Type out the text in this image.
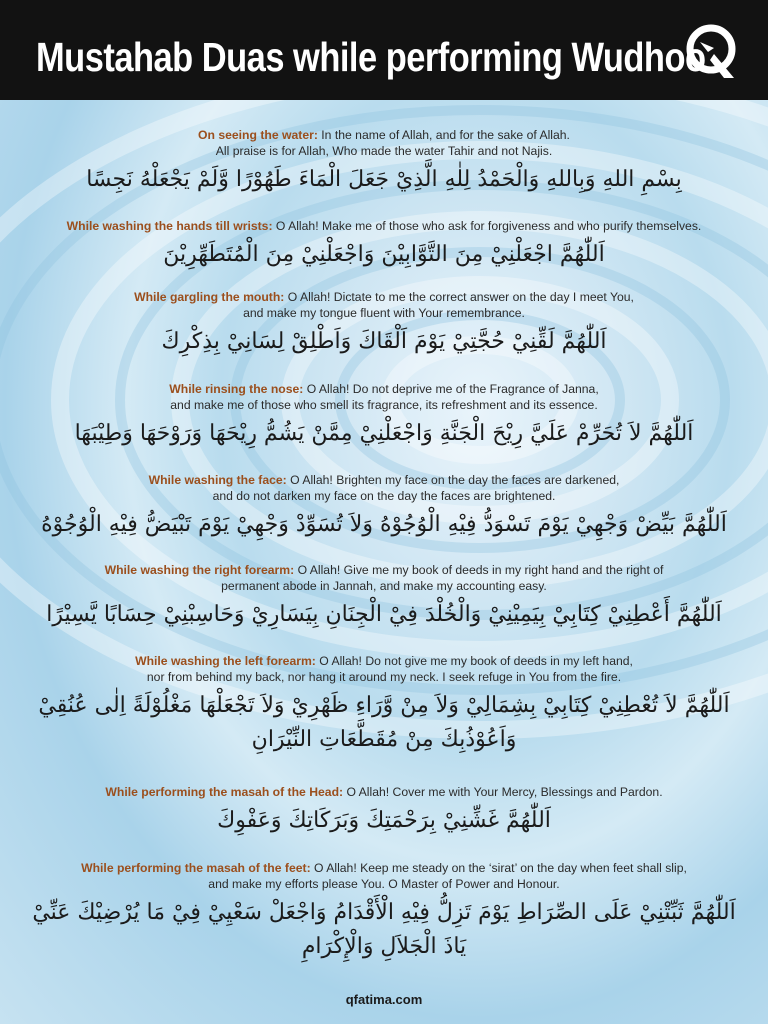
Mustahab Duas while performing Wudhoo

On seeing the water: In the name of Allah, and for the sake of Allah.
All praise is for Allah, Who made the water Tahir and not Najis.

بِسْمِ اللهِ وَبِاللهِ وَالْحَمْدُ لِلٰهِ الَّذِيْ جَعَلَ الْمَاءَ طَهُوْرًا وَّلَمْ يَجْعَلْهُ نَجِسًا

While washing the hands till wrists: O Allah! Make me of those who ask for forgiveness and who purify themselves.

اَللّٰهُمَّ اجْعَلْنِيْ مِنَ التَّوَّابِيْنَ وَاجْعَلْنِيْ مِنَ الْمُتَطَهِّرِيْنَ

While gargling the mouth: O Allah! Dictate to me the correct answer on the day I meet You,
and make my tongue fluent with Your remembrance.

اَللّٰهُمَّ لَقِّنِيْ حُجَّتِيْ يَوْمَ اَلْقَاكَ وَاَطْلِقْ لِسَانِيْ بِذِكْرِكَ

While rinsing the nose: O Allah! Do not deprive me of the Fragrance of Janna,
and make me of those who smell its fragrance, its refreshment and its essence.

اَللّٰهُمَّ لاَ تُحَرِّمْ عَلَيَّ رِيْحَ الْجَنَّةِ وَاجْعَلْنِيْ مِمَّنْ يَشُمُّ رِيْحَهَا وَرَوْحَهَا وَطِيْبَهَا

While washing the face: O Allah! Brighten my face on the day the faces are darkened,
and do not darken my face on the day the faces are brightened.

اَللّٰهُمَّ بَيِّضْ وَجْهِيْ يَوْمَ تَسْوَدُّ فِيْهِ الْوُجُوْهُ وَلاَ تُسَوِّدْ وَجْهِيْ يَوْمَ تَبْيَضُّ فِيْهِ الْوُجُوْهُ

While washing the right forearm: O Allah! Give me my book of deeds in my right hand and the right of
permanent abode in Jannah, and make my accounting easy.

اَللّٰهُمَّ أَعْطِنِيْ كِتَابِيْ بِيَمِيْنِيْ وَالْخُلْدَ فِيْ الْجِنَانِ بِيَسَارِيْ وَحَاسِبْنِيْ حِسَابًا يَّسِيْرًا

While washing the left forearm: O Allah! Do not give me my book of deeds in my left hand,
nor from behind my back, nor hang it around my neck. I seek refuge in You from the fire.

اَللّٰهُمَّ لاَ تُعْطِنِيْ كِتَابِيْ بِشِمَالِيْ وَلاَ مِنْ وَّرَاءِ ظَهْرِيْ وَلاَ تَجْعَلْهَا مَغْلُوْلَةً اِلٰى عُنُقِيْ
وَاَعُوْذُبِكَ مِنْ مُقَطَّعَاتِ النِّيْرَانِ

While performing the masah of the Head: O Allah! Cover me with Your Mercy, Blessings and Pardon.

اَللّٰهُمَّ غَشِّنِيْ بِرَحْمَتِكَ وَبَرَكَاتِكَ وَعَفْوِكَ

While performing the masah of the feet: O Allah! Keep me steady on the ‘sirat’ on the day when feet shall slip,
and make my efforts please You. O Master of Power and Honour.

اَللّٰهُمَّ ثَبِّتْنِيْ عَلَى الصِّرَاطِ يَوْمَ تَزِلُّ فِيْهِ الْأَقْدَامُ وَاجْعَلْ سَعْيِيْ فِيْ مَا يُرْضِيْكَ عَنِّيْ
يَاذَ الْجَلاَلِ وَالْإِكْرَامِ

qfatima.com
